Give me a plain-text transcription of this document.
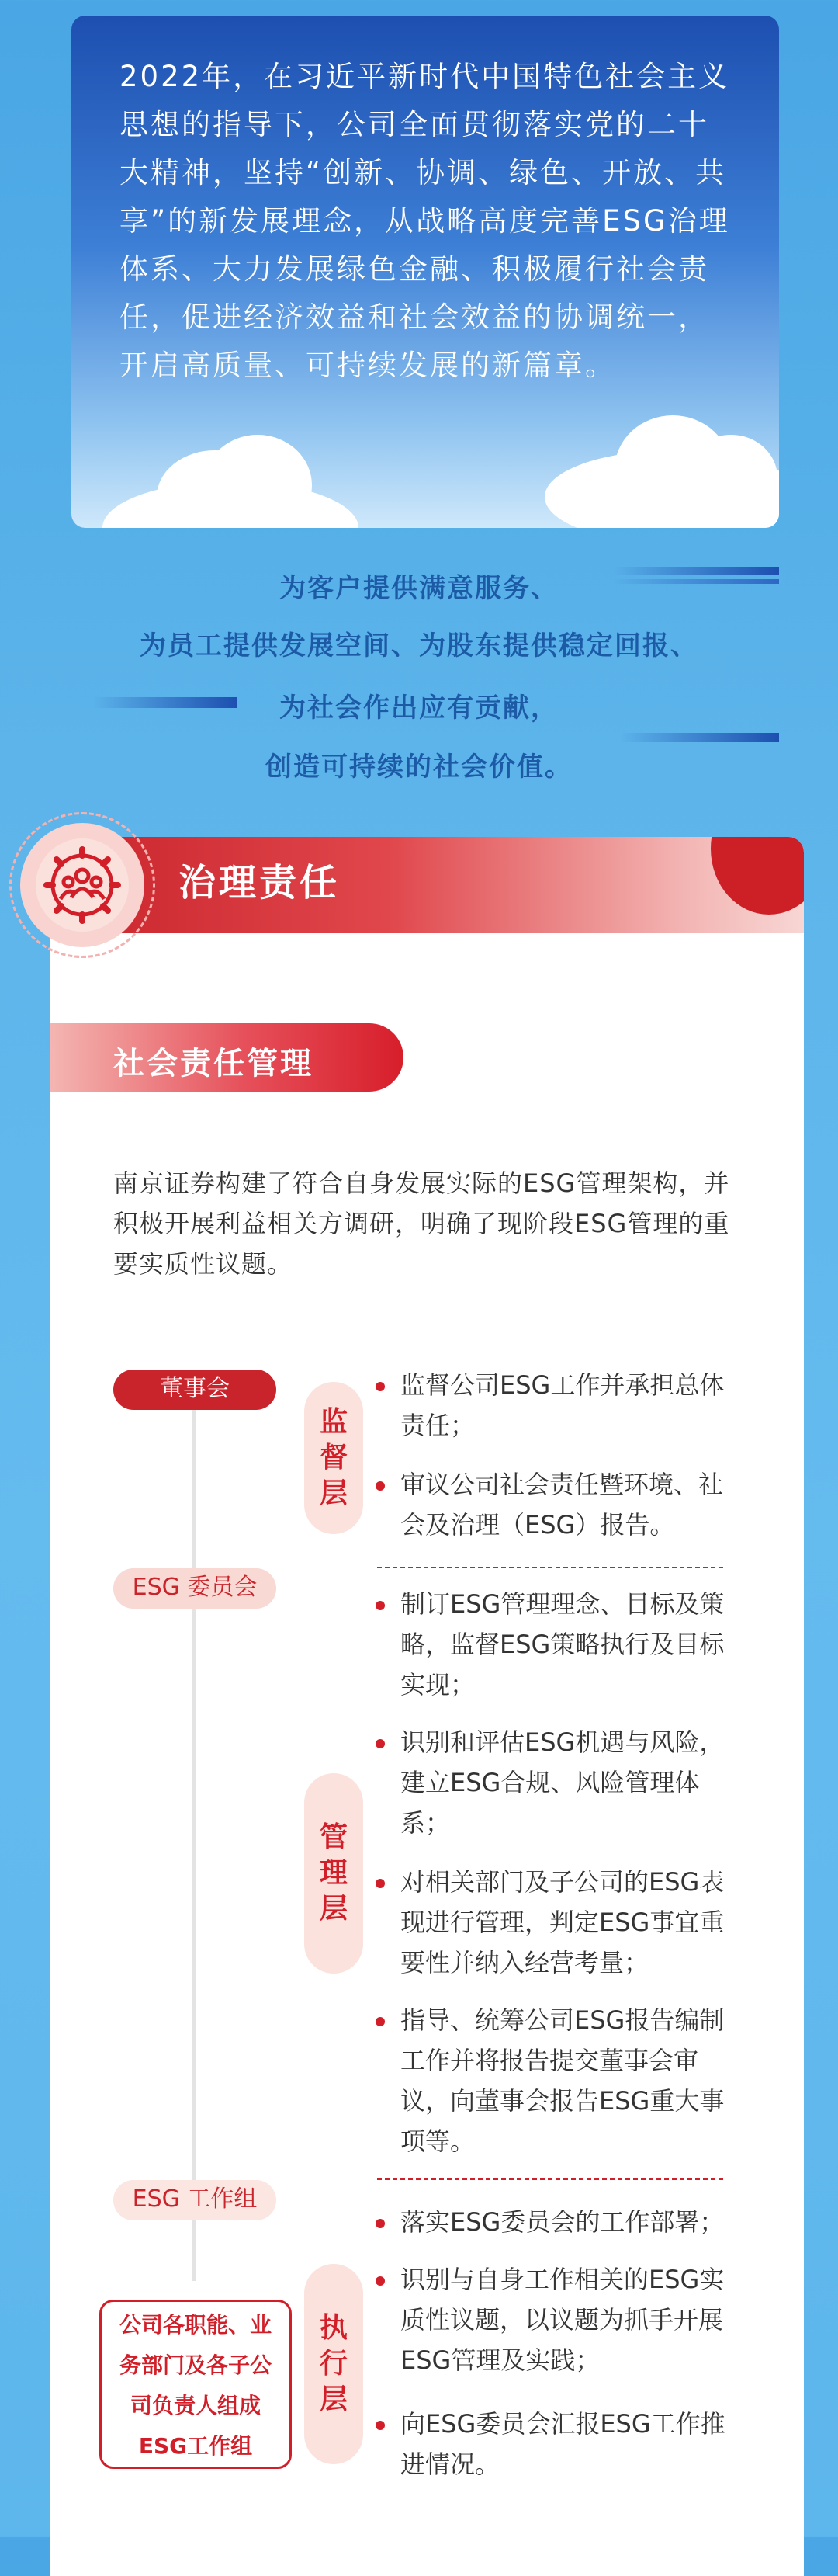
2022年，在习近平新时代中国特色社会主义思想的指导下，公司全面贯彻落实党的二十大精神，坚持“创新、协调、绿色、开放、共享”的新发展理念，从战略高度完善ESG治理体系、大力发展绿色金融、积极履行社会责任，促进经济效益和社会效益的协调统一，开启高质量、可持续发展的新篇章。

为客户提供满意服务、
为员工提供发展空间、为股东提供稳定回报、
为社会作出应有贡献，
创造可持续的社会价值。
治理责任
社会责任管理

南京证券构建了符合自身发展实际的ESG管理架构，并积极开展利益相关方调研，明确了现阶段ESG管理的重要实质性议题。

董事会
ESG 委员会
ESG 工作组
公司各职能、业务部门及各子公司负责人组成ESG工作组
监督层

监督公司ESG工作并承担总体责任；

审议公司社会责任暨环境、社会及治理（ESG）报告。

管理层

制订ESG管理理念、目标及策略，监督ESG策略执行及目标实现；

识别和评估ESG机遇与风险，建立ESG合规、风险管理体系；

对相关部门及子公司的ESG表现进行管理，判定ESG事宜重要性并纳入经营考量；

指导、统筹公司ESG报告编制工作并将报告提交董事会审议，向董事会报告ESG重大事项等。

执行层

落实ESG委员会的工作部署；

识别与自身工作相关的ESG实质性议题，以议题为抓手开展ESG管理及实践；

向ESG委员会汇报ESG工作推进情况。
